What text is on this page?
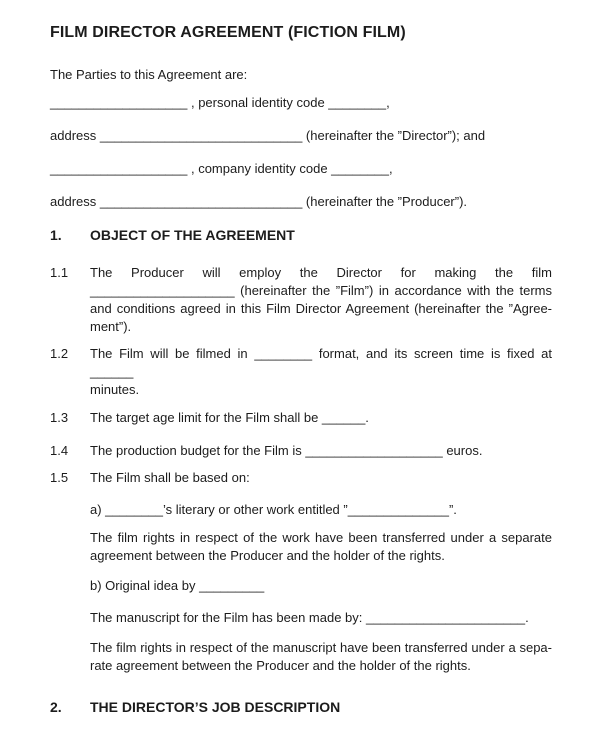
FILM DIRECTOR AGREEMENT (FICTION FILM)

The Parties to this Agreement are:

___________________ , personal identity code ________,

address ____________________________ (hereinafter the ”Director”); and

___________________ , company identity code ________,

address ____________________________ (hereinafter the ”Producer”).

1.	OBJECT OF THE AGREEMENT
1.1	The Producer will employ the Director for making the film
____________________ (hereinafter the ”Film”) in accordance with the terms
and conditions agreed in this Film Director Agreement (hereinafter the ”Agree-
ment”).
1.2	The Film will be filmed in ________ format, and its screen time is fixed at ______
minutes.
1.3	The target age limit for the Film shall be ______.
1.4	The production budget for the Film is ___________________ euros.
1.5	The Film shall be based on:
a) ________’s literary or other work entitled ”______________”.
The film rights in respect of the work have been transferred under a separate
agreement between the Producer and the holder of the rights.
b) Original idea by _________
The manuscript for the Film has been made by: ______________________.
The film rights in respect of the manuscript have been transferred under a sepa-
rate agreement between the Producer and the holder of the rights.
2.	THE DIRECTOR’S JOB DESCRIPTION
